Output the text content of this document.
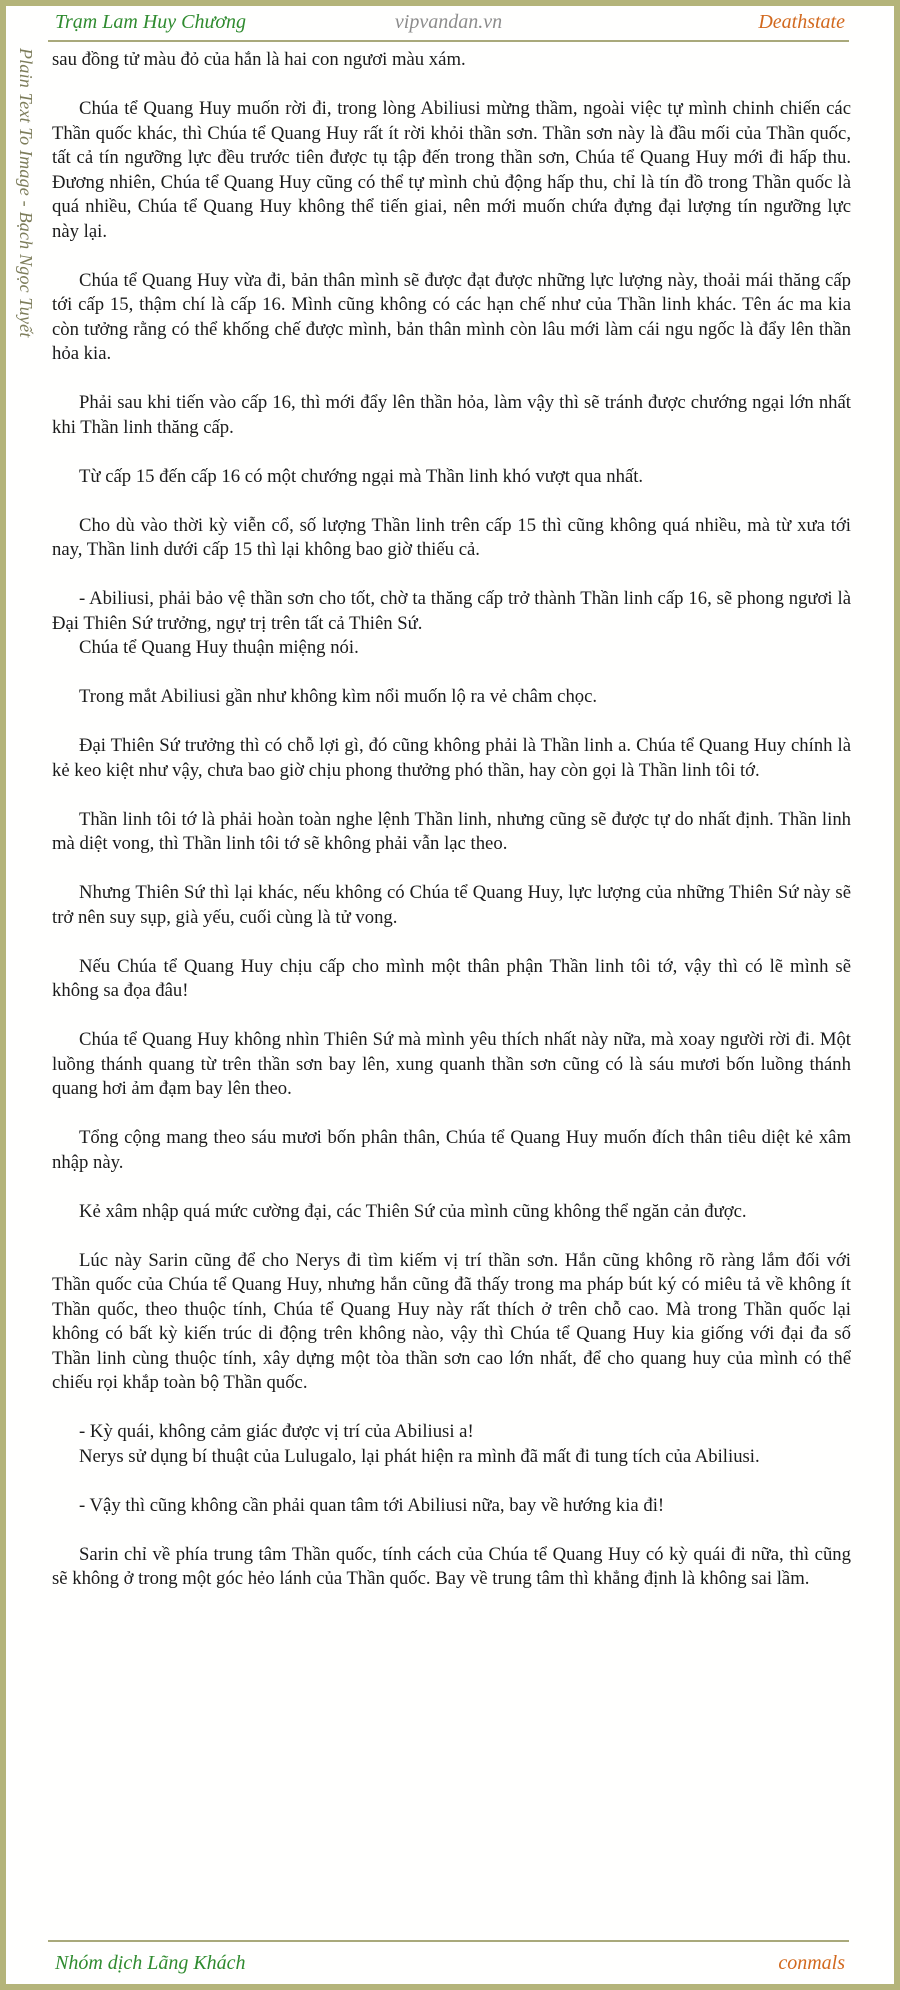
Plain Text To Image - Bạch Ngọc Tuyết
vipvandan.vn
Trạm Lam Huy Chương	Deathstate

sau đồng tử màu đỏ của hắn là hai con ngươi màu xám.

Chúa tể Quang Huy muốn rời đi, trong lòng Abiliusi mừng thầm, ngoài việc tự mình chinh chiến các Thần quốc khác, thì Chúa tể Quang Huy rất ít rời khỏi thần sơn. Thần sơn này là đầu mối của Thần quốc, tất cả tín ngưỡng lực đều trước tiên được tụ tập đến trong thần sơn, Chúa tể Quang Huy mới đi hấp thu. Đương nhiên, Chúa tể Quang Huy cũng có thể tự mình chủ động hấp thu, chỉ là tín đồ trong Thần quốc là quá nhiều, Chúa tể Quang Huy không thể tiến giai, nên mới muốn chứa đựng đại lượng tín ngưỡng lực này lại.

Chúa tể Quang Huy vừa đi, bản thân mình sẽ được đạt được những lực lượng này, thoải mái thăng cấp tới cấp 15, thậm chí là cấp 16. Mình cũng không có các hạn chế như của Thần linh khác. Tên ác ma kia còn tưởng rằng có thể khống chế được mình, bản thân mình còn lâu mới làm cái ngu ngốc là đẩy lên thần hỏa kia.

Phải sau khi tiến vào cấp 16, thì mới đẩy lên thần hỏa, làm vậy thì sẽ tránh được chướng ngại lớn nhất khi Thần linh thăng cấp.

Từ cấp 15 đến cấp 16 có một chướng ngại mà Thần linh khó vượt qua nhất.

Cho dù vào thời kỳ viễn cổ, số lượng Thần linh trên cấp 15 thì cũng không quá nhiều, mà từ xưa tới nay, Thần linh dưới cấp 15 thì lại không bao giờ thiếu cả.

- Abiliusi, phải bảo vệ thần sơn cho tốt, chờ ta thăng cấp trở thành Thần linh cấp 16, sẽ phong ngươi là Đại Thiên Sứ trưởng, ngự trị trên tất cả Thiên Sứ.

Chúa tể Quang Huy thuận miệng nói.

Trong mắt Abiliusi gần như không kìm nổi muốn lộ ra vẻ châm chọc.

Đại Thiên Sứ trưởng thì có chỗ lợi gì, đó cũng không phải là Thần linh a. Chúa tể Quang Huy chính là kẻ keo kiệt như vậy, chưa bao giờ chịu phong thưởng phó thần, hay còn gọi là Thần linh tôi tớ.

Thần linh tôi tớ là phải hoàn toàn nghe lệnh Thần linh, nhưng cũng sẽ được tự do nhất định. Thần linh mà diệt vong, thì Thần linh tôi tớ sẽ không phải vẫn lạc theo.

Nhưng Thiên Sứ thì lại khác, nếu không có Chúa tể Quang Huy, lực lượng của những Thiên Sứ này sẽ trở nên suy sụp, già yếu, cuối cùng là tử vong.

Nếu Chúa tể Quang Huy chịu cấp cho mình một thân phận Thần linh tôi tớ, vậy thì có lẽ mình sẽ không sa đọa đâu!

Chúa tể Quang Huy không nhìn Thiên Sứ mà mình yêu thích nhất này nữa, mà xoay người rời đi. Một luồng thánh quang từ trên thần sơn bay lên, xung quanh thần sơn cũng có là sáu mươi bốn luồng thánh quang hơi ảm đạm bay lên theo.

Tổng cộng mang theo sáu mươi bốn phân thân, Chúa tể Quang Huy muốn đích thân tiêu diệt kẻ xâm nhập này.

Kẻ xâm nhập quá mức cường đại, các Thiên Sứ của mình cũng không thể ngăn cản được.

Lúc này Sarin cũng để cho Nerys đi tìm kiếm vị trí thần sơn. Hắn cũng không rõ ràng lắm đối với Thần quốc của Chúa tể Quang Huy, nhưng hắn cũng đã thấy trong ma pháp bút ký có miêu tả về không ít Thần quốc, theo thuộc tính, Chúa tể Quang Huy này rất thích ở trên chỗ cao. Mà trong Thần quốc lại không có bất kỳ kiến trúc di động trên không nào, vậy thì Chúa tể Quang Huy kia giống với đại đa số Thần linh cùng thuộc tính, xây dựng một tòa thần sơn cao lớn nhất, để cho quang huy của mình có thể chiếu rọi khắp toàn bộ Thần quốc.

- Kỳ quái, không cảm giác được vị trí của Abiliusi a!

Nerys sử dụng bí thuật của Lulugalo, lại phát hiện ra mình đã mất đi tung tích của Abiliusi.

- Vậy thì cũng không cần phải quan tâm tới Abiliusi nữa, bay về hướng kia đi!

Sarin chỉ về phía trung tâm Thần quốc, tính cách của Chúa tể Quang Huy có kỳ quái đi nữa, thì cũng sẽ không ở trong một góc hẻo lánh của Thần quốc. Bay về trung tâm thì khẳng định là không sai lầm.

Nhóm dịch Lãng Khách	conmals
